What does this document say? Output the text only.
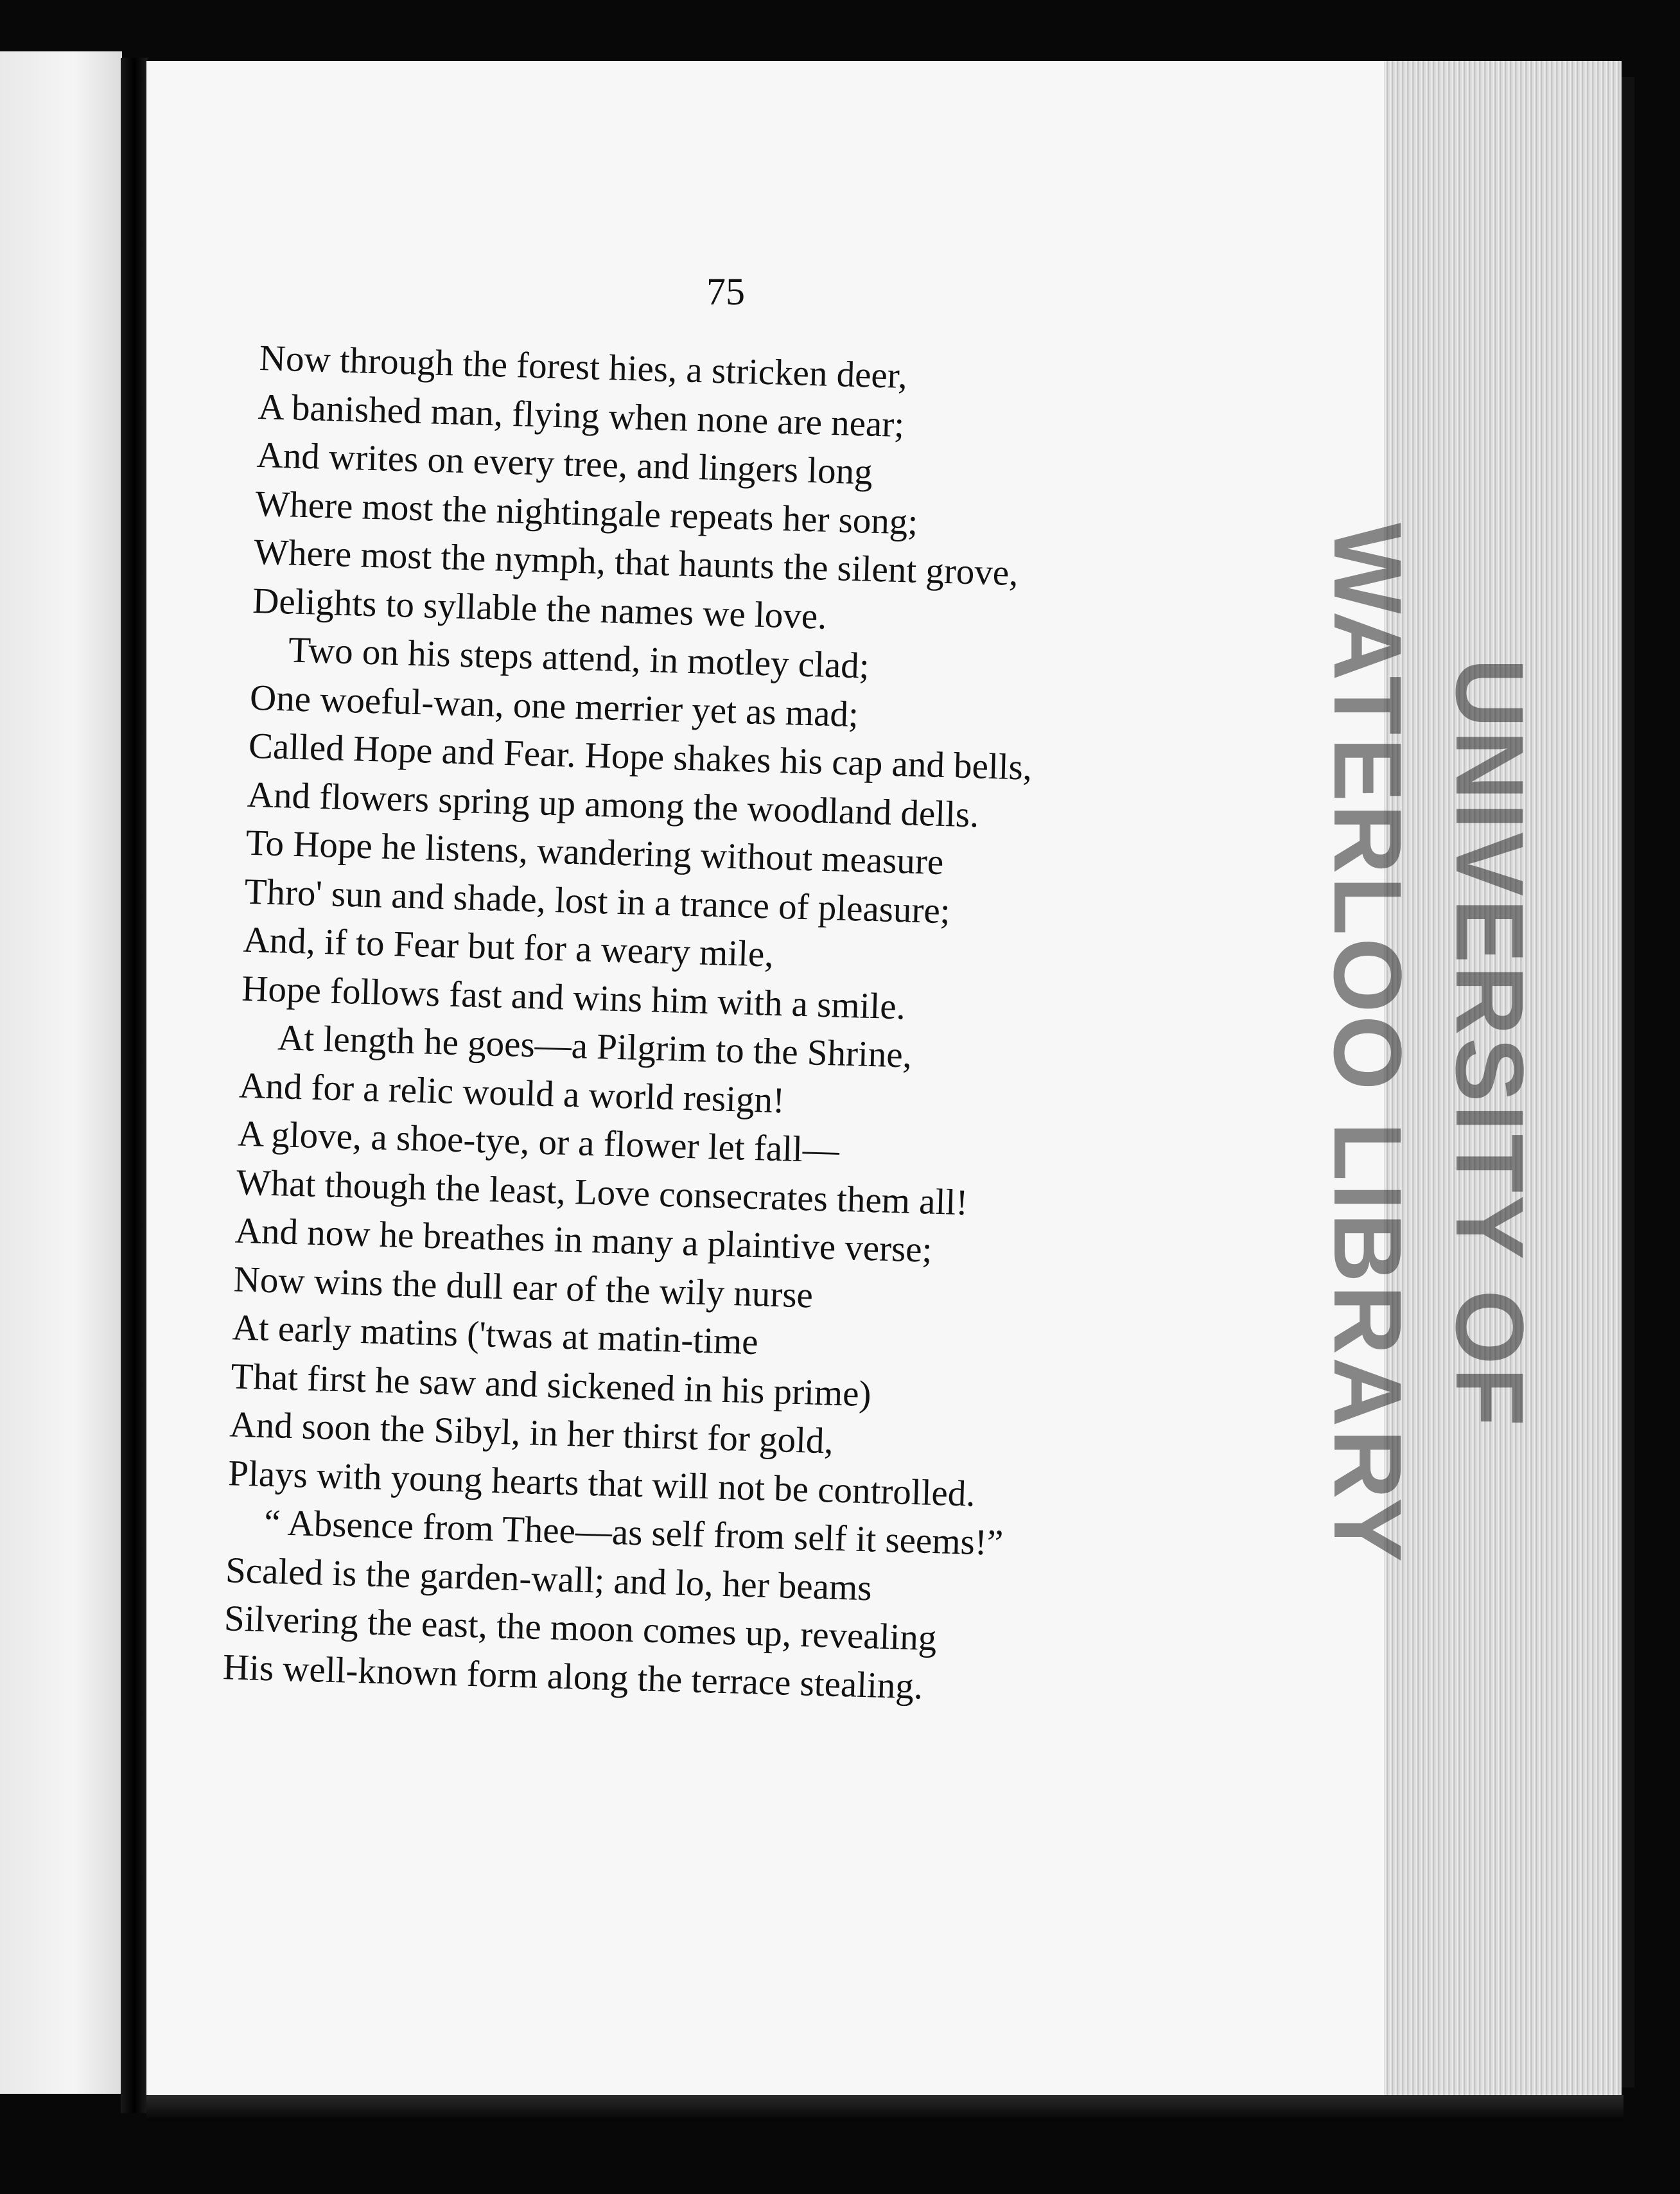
UNIVERSITY OF WATERLOO LIBRARY
75
Now through the forest hies, a stricken deer,
A banished man, flying when none are near;
And writes on every tree, and lingers long
Where most the nightingale repeats her song;
Where most the nymph, that haunts the silent grove,
Delights to syllable the names we love.
Two on his steps attend, in motley clad;
One woeful-wan, one merrier yet as mad;
Called Hope and Fear. Hope shakes his cap and bells,
And flowers spring up among the woodland dells.
To Hope he listens, wandering without measure
Thro' sun and shade, lost in a trance of pleasure;
And, if to Fear but for a weary mile,
Hope follows fast and wins him with a smile.
At length he goes—a Pilgrim to the Shrine,
And for a relic would a world resign!
A glove, a shoe-tye, or a flower let fall—
What though the least, Love consecrates them all!
And now he breathes in many a plaintive verse;
Now wins the dull ear of the wily nurse
At early matins ('twas at matin-time
That first he saw and sickened in his prime)
And soon the Sibyl, in her thirst for gold,
Plays with young hearts that will not be controlled.
“ Absence from Thee—as self from self it seems!”
Scaled is the garden-wall; and lo, her beams
Silvering the east, the moon comes up, revealing
His well-known form along the terrace stealing.
